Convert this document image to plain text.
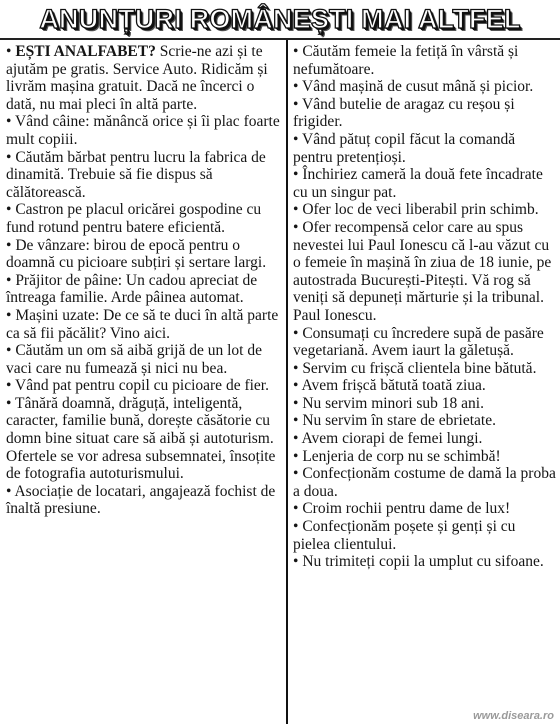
ANUNȚURI ROMÂNEȘTI MAI ALTFEL

• EȘTI ANALFABET? Scrie-ne azi și te ajutăm pe gratis. Service Auto. Ridicăm și livrăm mașina gratuit. Dacă ne încerci o dată, nu mai pleci în altă parte.

• Vând câine: mănâncă orice și îi plac foarte mult copiii.

• Căutăm bărbat pentru lucru la fabrica de dinamită. Trebuie să fie dispus să călătorească.

• Castron pe placul oricărei gospodine cu fund rotund pentru batere eficientă.

• De vânzare: birou de epocă pentru o doamnă cu picioare subțiri și sertare largi.

• Prăjitor de pâine: Un cadou apreciat de întreaga familie. Arde pâinea automat.

• Mașini uzate: De ce să te duci în altă parte ca să fii păcălit? Vino aici.

• Căutăm un om să aibă grijă de un lot de vaci care nu fumează și nici nu beа.

• Vând pat pentru copil cu picioare de fier.

• Tânără doamnă, drăguță, inteligentă, caracter, familie bună, dorește căsătorie cu domn bine situat care să aibă și autoturism. Ofertele se vor adresa subsemnatei, însoțite de fotografia autoturismului.

• Asociație de locatari, angajează fochist de înaltă presiune.

• Căutăm femeie la fetiță în vârstă și nefumătoare.

• Vând mașină de cusut mână și picior.

• Vând butelie de aragaz cu reșou și frigider.

• Vând pătuț copil făcut la comandă pentru pretențioși.

• Închiriez cameră la două fete încadrate cu un singur pat.

• Ofer loc de veci liberabil prin schimb.

• Ofer recompensă celor care au spus nevestei lui Paul Ionescu că l-au văzut cu o femeie în mașină în ziua de 18 iunie, pe autostrada București-Pitești. Vă rog să veniți să depuneți mărturie și la tribunal. Paul Ionescu.

• Consumați cu încredere supă de pasăre vegetariană. Avem iaurt la găletușă.

• Servim cu frișcă clientela bine bătută.

• Avem frișcă bătută toată ziua.

• Nu servim minori sub 18 ani.

• Nu servim în stare de ebrietate.

• Avem ciorapi de femei lungi.

• Lenjeria de corp nu se schimbă!

• Confecționăm costume de damă la proba a doua.

• Croim rochii pentru dame de lux!

• Confecționăm poșete și genți și cu pielea clientului.

• Nu trimiteți copii la umplut cu sifoane.

www.diseara.ro
